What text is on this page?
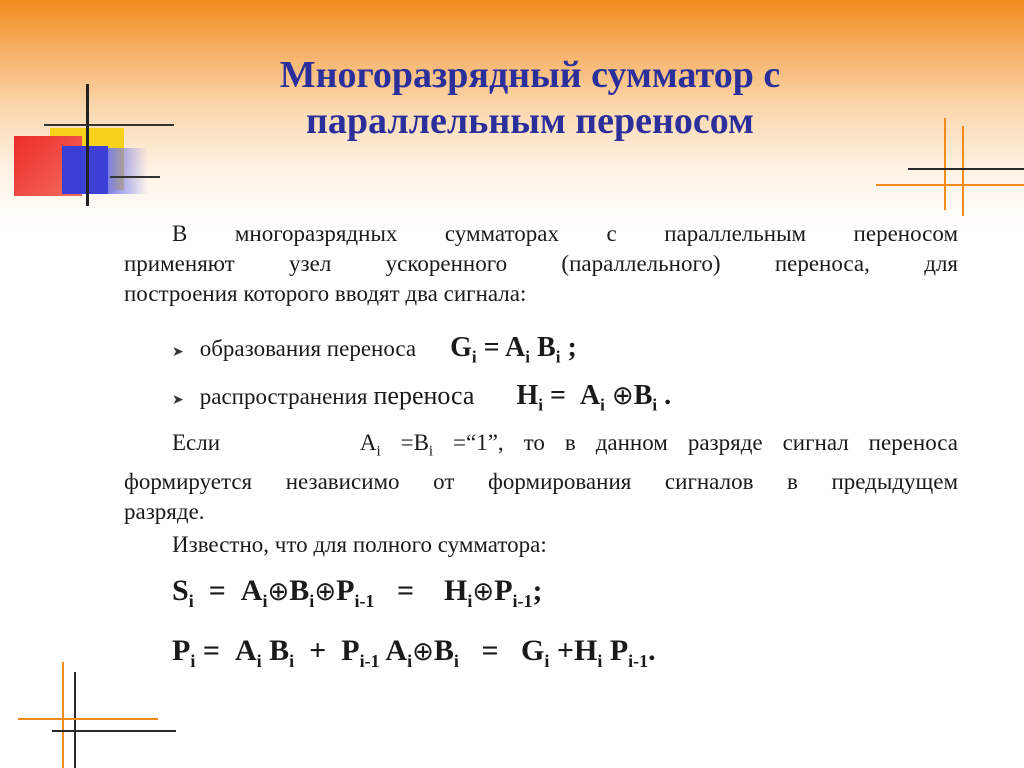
Многоразрядный сумматор с
параллельным переносом
В многоразрядных сумматорах с параллельным переносом
применяют узел ускоренного (параллельного) переноса, для
построения которого вводят два сигнала:
➤ образования переноса $G_i = A_i$ $B_i$ ;
➤ распространения переноса $H_i = A_i$ $\oplus B_i$ .
Если	$A_i =B_i$ =“1”, то в данном разряде сигнал переноса
формируется независимо от формирования сигналов в предыдущем
разряде.
Известно, что для полного сумматора:
$S_i$  =  $A_i\oplus B_i\oplus P_{i-1}$   =    $H_i\oplus P_{i-1}$;
$P_i = A_i$ $B_i + P_{i-1}$ $A_i\oplus B_i = G_i +H_i$ $P_{i-1}$.
